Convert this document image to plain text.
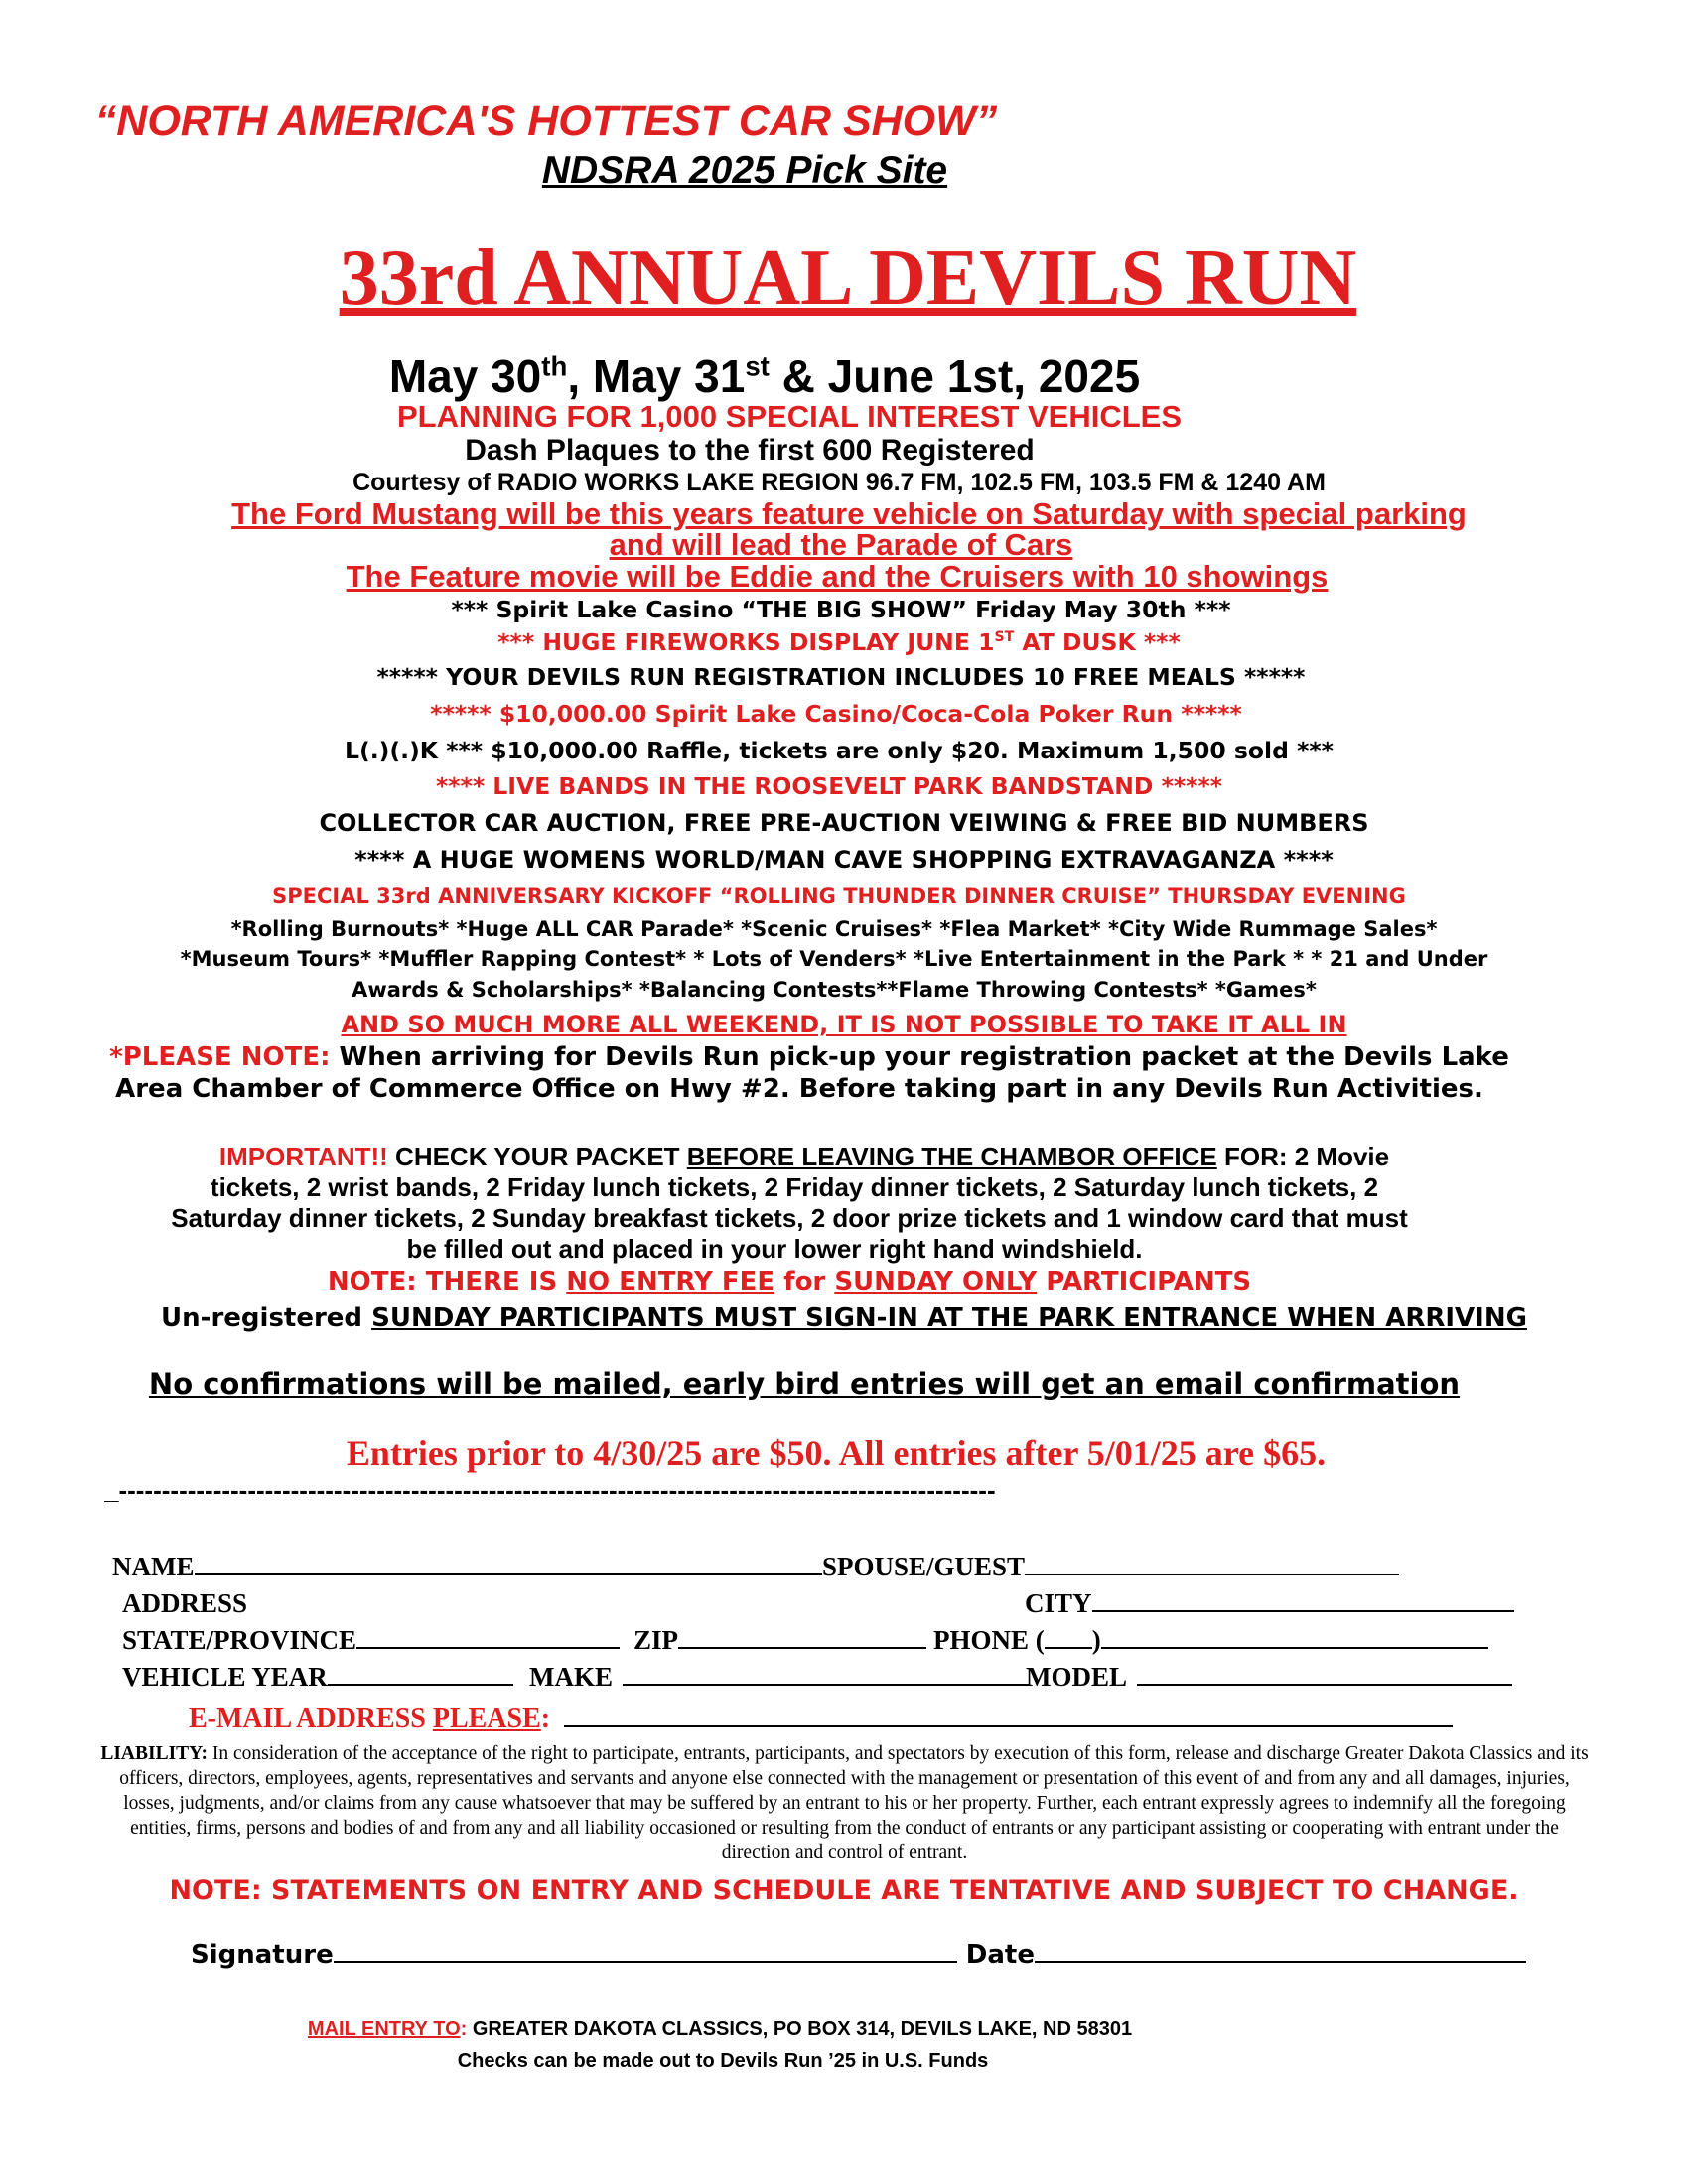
“NORTH AMERICA'S HOTTEST CAR SHOW”
NDSRA 2025 Pick Site
33rd ANNUAL DEVILS RUN
May 30th, May 31st & June 1st, 2025
PLANNING FOR 1,000 SPECIAL INTEREST VEHICLES
Dash Plaques to the first 600 Registered
Courtesy of RADIO WORKS LAKE REGION 96.7 FM, 102.5 FM, 103.5 FM & 1240 AM
The Ford Mustang will be this years feature vehicle on Saturday with special parking
and will lead the Parade of Cars
The Feature movie will be Eddie and the Cruisers with 10 showings
*** Spirit Lake Casino “THE BIG SHOW” Friday May 30th ***
*** HUGE FIREWORKS DISPLAY JUNE 1ST AT DUSK ***
***** YOUR DEVILS RUN REGISTRATION INCLUDES 10 FREE MEALS *****
***** $10,000.00 Spirit Lake Casino/Coca-Cola Poker Run *****
L(.)(.)K *** $10,000.00 Raffle, tickets are only $20. Maximum 1,500 sold ***
**** LIVE BANDS IN THE ROOSEVELT PARK BANDSTAND *****
COLLECTOR CAR AUCTION, FREE PRE-AUCTION VEIWING & FREE BID NUMBERS
**** A HUGE WOMENS WORLD/MAN CAVE SHOPPING EXTRAVAGANZA ****
SPECIAL 33rd ANNIVERSARY KICKOFF “ROLLING THUNDER DINNER CRUISE” THURSDAY EVENING
*Rolling Burnouts* *Huge ALL CAR Parade* *Scenic Cruises* *Flea Market* *City Wide Rummage Sales*
*Museum Tours* *Muffler Rapping Contest* * Lots of Venders* *Live Entertainment in the Park * * 21 and Under
Awards & Scholarships* *Balancing Contests**Flame Throwing Contests* *Games*
AND SO MUCH MORE ALL WEEKEND, IT IS NOT POSSIBLE TO TAKE IT ALL IN
*PLEASE NOTE: When arriving for Devils Run pick-up your registration packet at the Devils Lake
Area Chamber of Commerce Office on Hwy #2. Before taking part in any Devils Run Activities.
IMPORTANT!! CHECK YOUR PACKET BEFORE LEAVING THE CHAMBOR OFFICE FOR: 2 Movie
tickets, 2 wrist bands, 2 Friday lunch tickets, 2 Friday dinner tickets, 2 Saturday lunch tickets, 2
Saturday dinner tickets, 2 Sunday breakfast tickets, 2 door prize tickets and 1 window card that must
be filled out and placed in your lower right hand windshield.
NOTE: THERE IS NO ENTRY FEE for SUNDAY ONLY PARTICIPANTS
Un-registered SUNDAY PARTICIPANTS MUST SIGN-IN AT THE PARK ENTRANCE WHEN ARRIVING
No confirmations will be mailed, early bird entries will get an email confirmation
Entries prior to 4/30/25 are $50. All entries after 5/01/25 are $65.
_------------------------------------------------------------------------------------------------------
NAME	SPOUSE/GUEST
ADDRESS	CITY
STATE/PROVINCE	ZIP	PHONE ( )
VEHICLE YEAR	MAKE	MODEL
E-MAIL ADDRESS PLEASE:
LIABILITY: In consideration of the acceptance of the right to participate, entrants, participants, and spectators by execution of this form, release and discharge Greater Dakota Classics and its officers, directors, employees, agents, representatives and servants and anyone else connected with the management or presentation of this event of and from any and all damages, injuries, losses, judgments, and/or claims from any cause whatsoever that may be suffered by an entrant to his or her property. Further, each entrant expressly agrees to indemnify all the foregoing entities, firms, persons and bodies of and from any and all liability occasioned or resulting from the conduct of entrants or any participant assisting or cooperating with entrant under the direction and control of entrant.
NOTE: STATEMENTS ON ENTRY AND SCHEDULE ARE TENTATIVE AND SUBJECT TO CHANGE.
Signature	Date
MAIL ENTRY TO: GREATER DAKOTA CLASSICS, PO BOX 314, DEVILS LAKE, ND 58301
Checks can be made out to Devils Run ’25 in U.S. Funds
